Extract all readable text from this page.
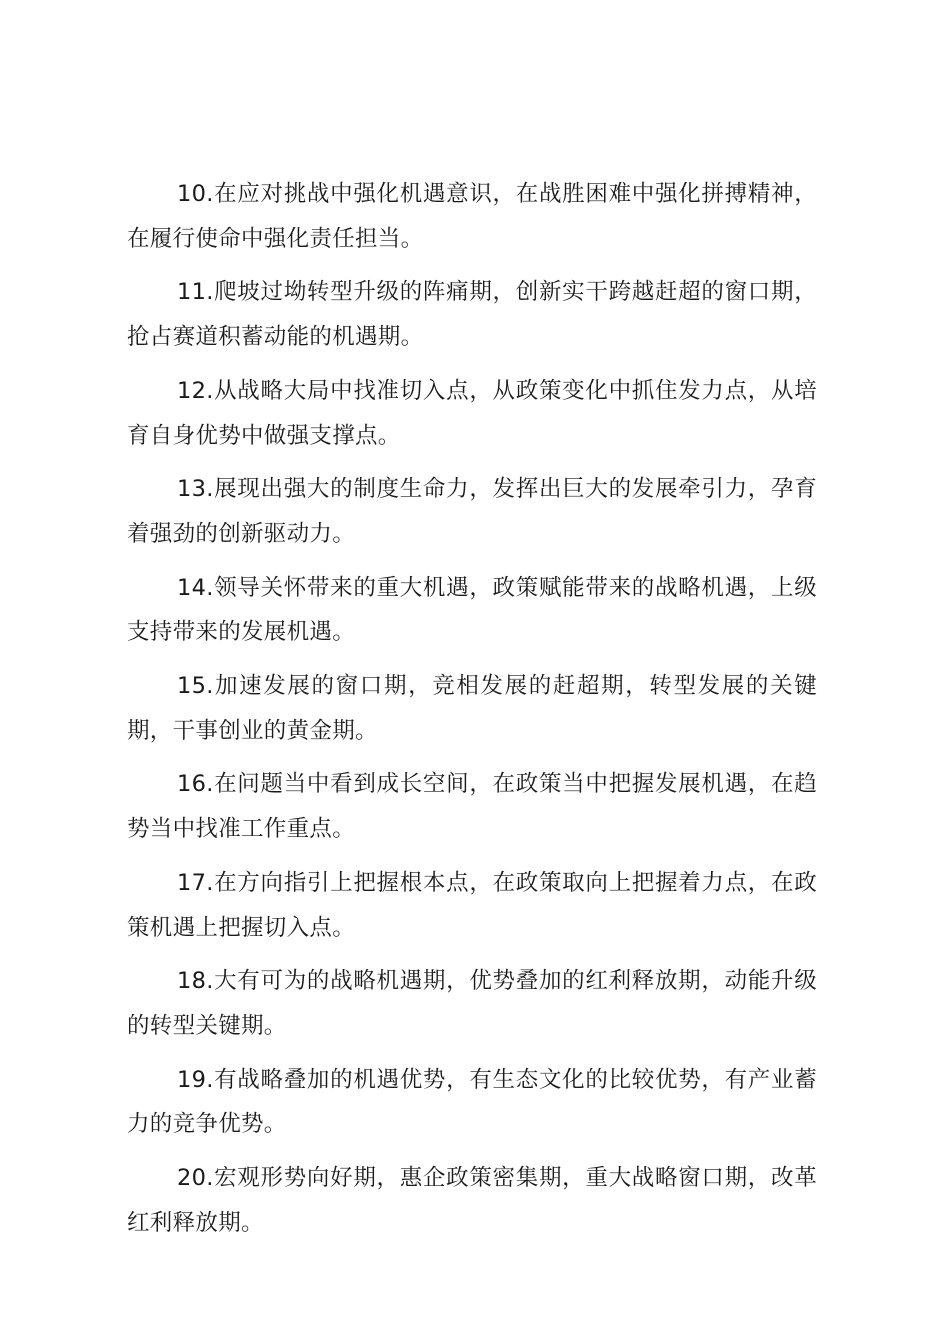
10.在应对挑战中强化机遇意识，在战胜困难中强化拼搏精神，在履行使命中强化责任担当。

11.爬坡过坳转型升级的阵痛期，创新实干跨越赶超的窗口期，抢占赛道积蓄动能的机遇期。

12.从战略大局中找准切入点，从政策变化中抓住发力点，从培育自身优势中做强支撑点。

13.展现出强大的制度生命力，发挥出巨大的发展牵引力，孕育着强劲的创新驱动力。

14.领导关怀带来的重大机遇，政策赋能带来的战略机遇，上级支持带来的发展机遇。

15.加速发展的窗口期，竞相发展的赶超期，转型发展的关键期，干事创业的黄金期。

16.在问题当中看到成长空间，在政策当中把握发展机遇，在趋势当中找准工作重点。

17.在方向指引上把握根本点，在政策取向上把握着力点，在政策机遇上把握切入点。

18.大有可为的战略机遇期，优势叠加的红利释放期，动能升级的转型关键期。

19.有战略叠加的机遇优势，有生态文化的比较优势，有产业蓄力的竞争优势。

20.宏观形势向好期，惠企政策密集期，重大战略窗口期，改革红利释放期。
